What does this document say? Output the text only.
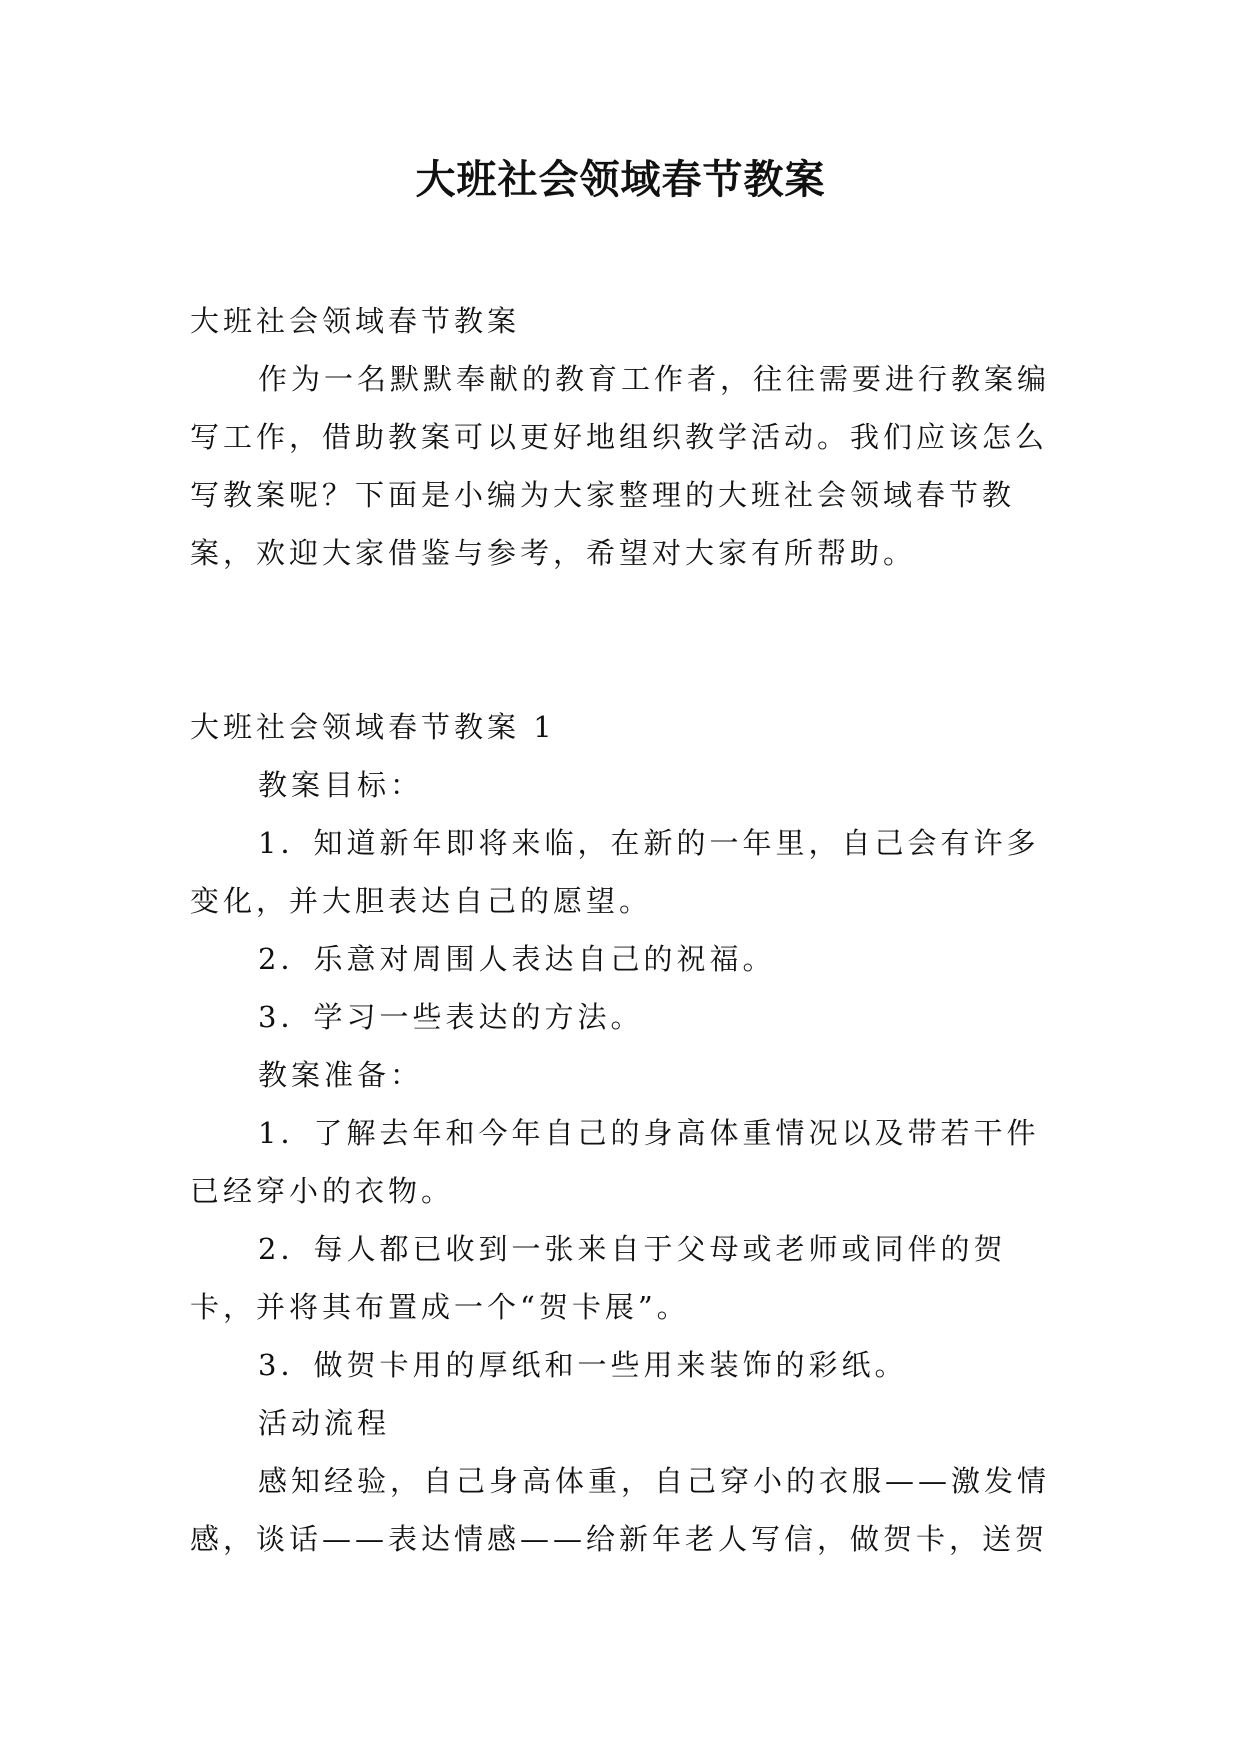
大班社会领域春节教案

大班社会领域春节教案

作为一名默默奉献的教育工作者，往往需要进行教案编写工作，借助教案可以更好地组织教学活动。我们应该怎么写教案呢？下面是小编为大家整理的大班社会领域春节教案，欢迎大家借鉴与参考，希望对大家有所帮助。

大班社会领域春节教案 1

教案目标：

1．知道新年即将来临，在新的一年里，自己会有许多变化，并大胆表达自己的愿望。

2．乐意对周围人表达自己的祝福。

3．学习一些表达的方法。

教案准备：

1．了解去年和今年自己的身高体重情况以及带若干件已经穿小的衣物。

2．每人都已收到一张来自于父母或老师或同伴的贺卡，并将其布置成一个“贺卡展”。

3．做贺卡用的厚纸和一些用来装饰的彩纸。

活动流程

感知经验，自己身高体重，自己穿小的衣服——激发情感，谈话——表达情感——给新年老人写信，做贺卡，送贺
